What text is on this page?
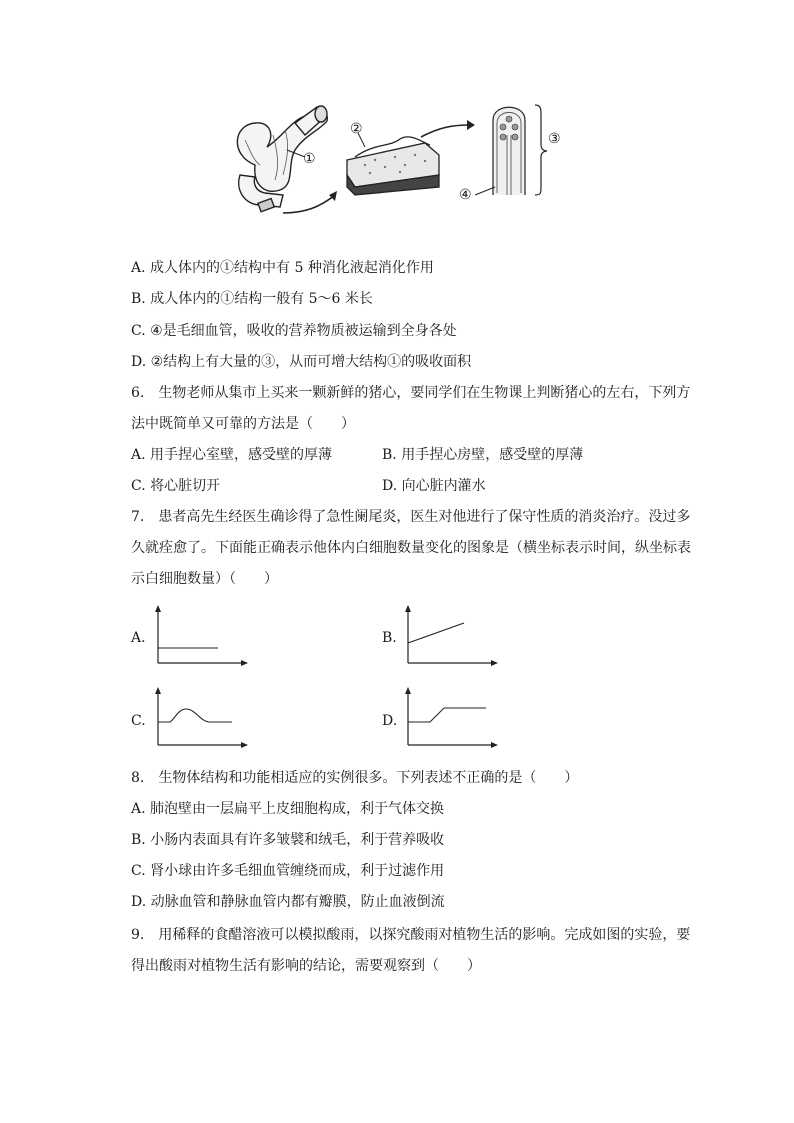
①
②
③
④
A. 成人体内的①结构中有 5 种消化液起消化作用
B. 成人体内的①结构一般有 5～6 米长
C. ④是毛细血管，吸收的营养物质被运输到全身各处
D. ②结构上有大量的③，从而可增大结构①的吸收面积
6.　生物老师从集市上买来一颗新鲜的猪心，要同学们在生物课上判断猪心的左右，下列方
法中既简单又可靠的方法是（　　）
A. 用手捏心室壁，感受壁的厚薄	B. 用手捏心房壁，感受壁的厚薄
C. 将心脏切开	D. 向心脏内灌水
7.　患者高先生经医生确诊得了急性阑尾炎，医生对他进行了保守性质的消炎治疗。没过多
久就痊愈了。下面能正确表示他体内白细胞数量变化的图象是（横坐标表示时间，纵坐标表
示白细胞数量）（　　）
A.	B.
C.	D.
8.　生物体结构和功能相适应的实例很多。下列表述不正确的是（　　）
A. 肺泡壁由一层扁平上皮细胞构成，利于气体交换
B. 小肠内表面具有许多皱襞和绒毛，利于营养吸收
C. 肾小球由许多毛细血管缠绕而成，利于过滤作用
D. 动脉血管和静脉血管内都有瓣膜，防止血液倒流
9.　用稀释的食醋溶液可以模拟酸雨，以探究酸雨对植物生活的影响。完成如图的实验，要
得出酸雨对植物生活有影响的结论，需要观察到（　　）
